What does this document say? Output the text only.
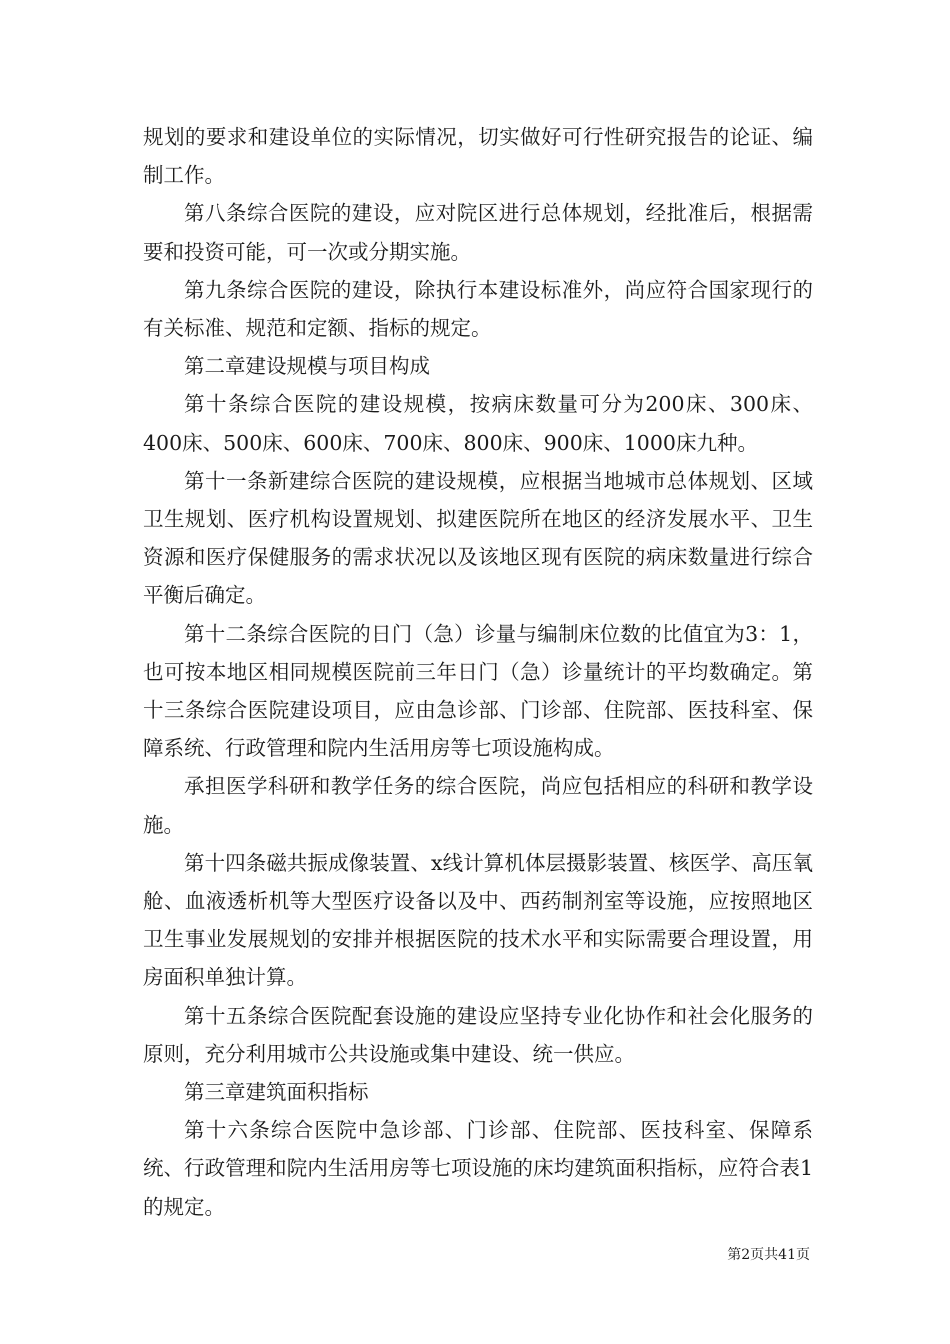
规划的要求和建设单位的实际情况，切实做好可行性研究报告的论证、编制工作。

第八条综合医院的建设，应对院区进行总体规划，经批准后，根据需要和投资可能，可一次或分期实施。

第九条综合医院的建设，除执行本建设标准外，尚应符合国家现行的有关标准、规范和定额、指标的规定。

第二章建设规模与项目构成

第十条综合医院的建设规模，按病床数量可分为200床、300床、400床、500床、600床、700床、800床、900床、1000床九种。

第十一条新建综合医院的建设规模，应根据当地城市总体规划、区域卫生规划、医疗机构设置规划、拟建医院所在地区的经济发展水平、卫生资源和医疗保健服务的需求状况以及该地区现有医院的病床数量进行综合平衡后确定。

第十二条综合医院的日门（急）诊量与编制床位数的比值宜为3：1，也可按本地区相同规模医院前三年日门（急）诊量统计的平均数确定。第十三条综合医院建设项目，应由急诊部、门诊部、住院部、医技科室、保障系统、行政管理和院内生活用房等七项设施构成。

承担医学科研和教学任务的综合医院，尚应包括相应的科研和教学设施。

第十四条磁共振成像装置、x线计算机体层摄影装置、核医学、高压氧舱、血液透析机等大型医疗设备以及中、西药制剂室等设施，应按照地区卫生事业发展规划的安排并根据医院的技术水平和实际需要合理设置，用房面积单独计算。

第十五条综合医院配套设施的建设应坚持专业化协作和社会化服务的原则，充分利用城市公共设施或集中建设、统一供应。

第三章建筑面积指标

第十六条综合医院中急诊部、门诊部、住院部、医技科室、保障系统、行政管理和院内生活用房等七项设施的床均建筑面积指标，应符合表1的规定。

第2页共41页
